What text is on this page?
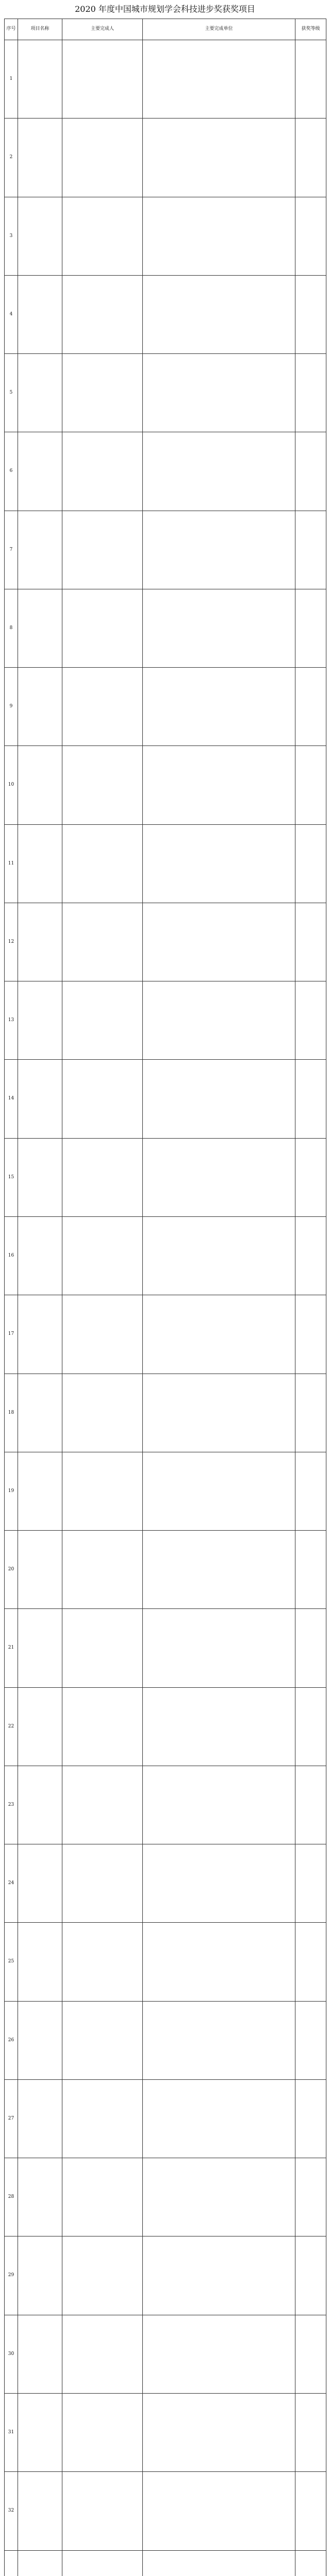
2020 年度中国城市规划学会科技进步奖获奖项目
序号	项目名称	主要完成人	主要完成单位	获奖等级
1				
2				
3				
4				
5				
6				
7				
8				
9				
10				
11				
12				
13				
14				
15				
16				
17				
18				
19				
20				
21				
22				
23				
24				
25				
26				
27				
28				
29				
30				
31				
32				
